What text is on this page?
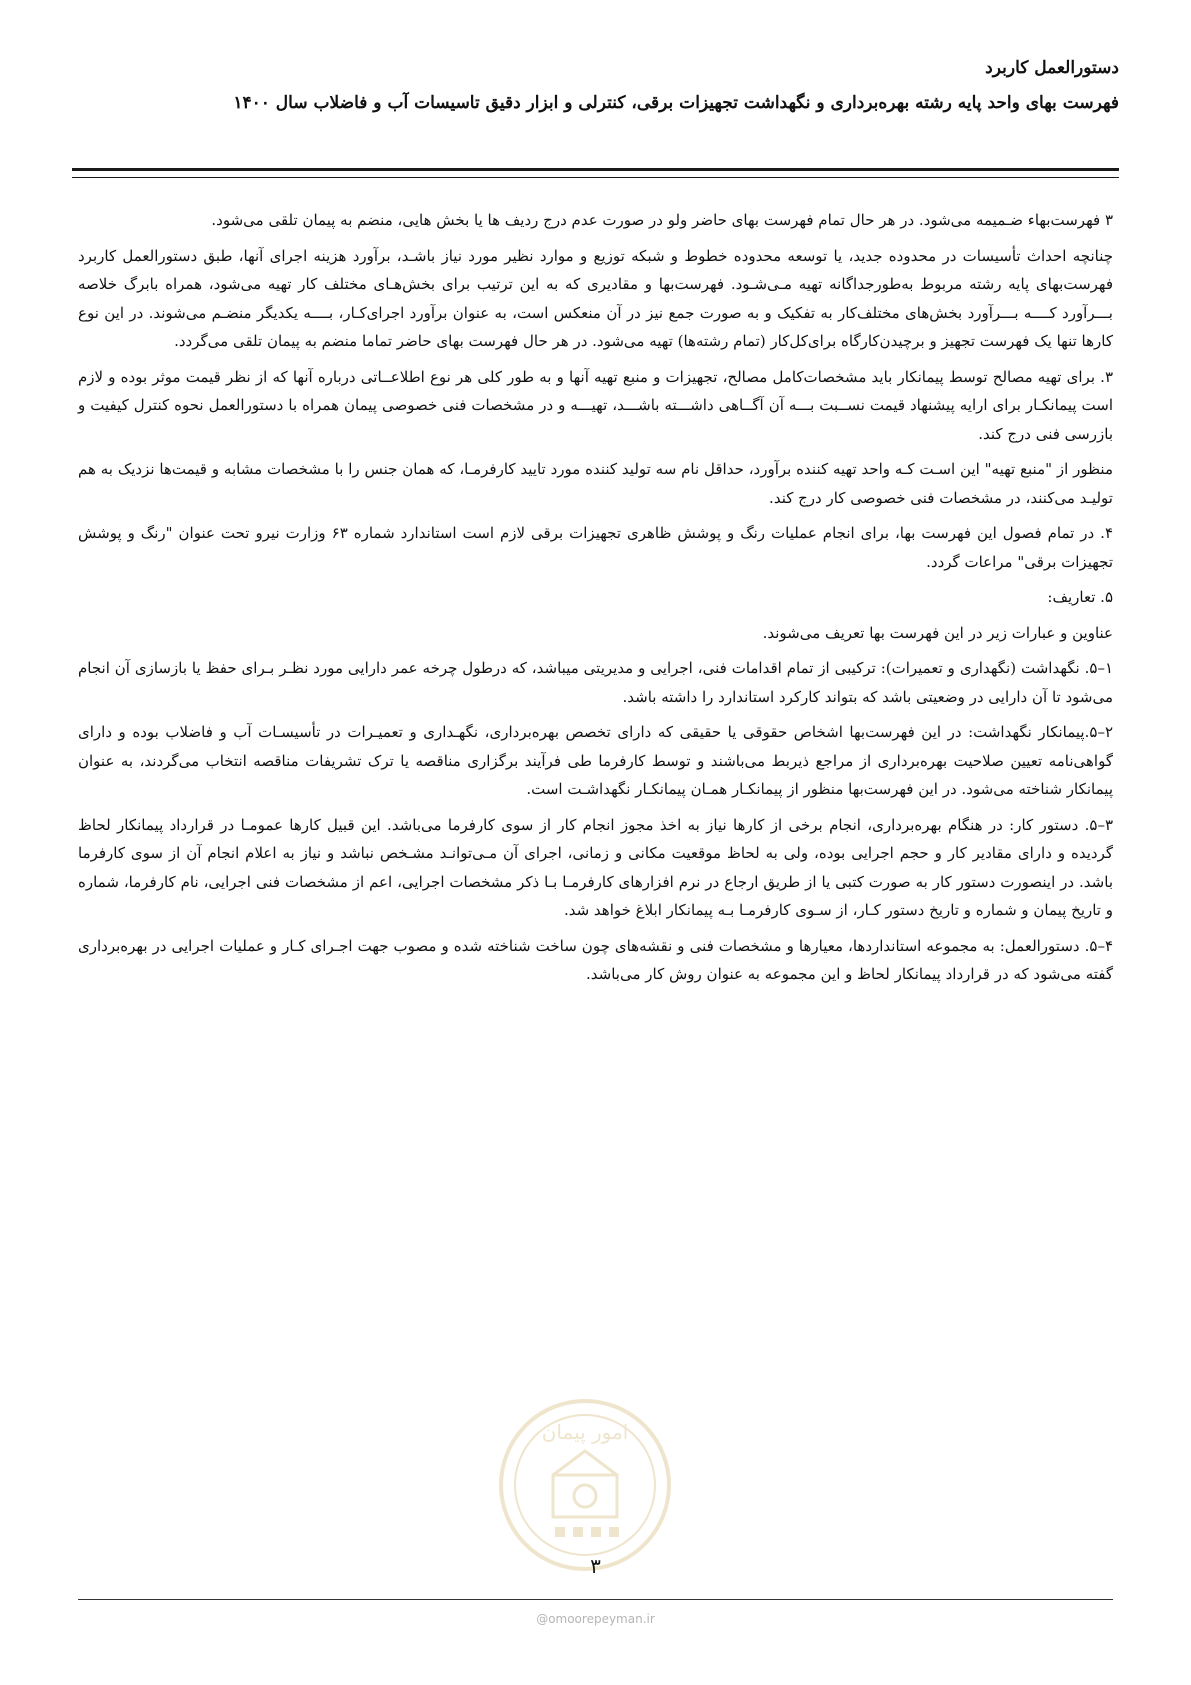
دستورالعمل کاربرد
فهرست بهای واحد پایه رشته بهره‌برداری و نگهداشت تجهیزات برقی، کنترلی و ابزار دقیق تاسیسات آب و فاضلاب سال ۱۴۰۰

۳ فهرست‌بهاء ضـمیمه می‌شود. در هر حال تمام فهرست بهای حاضر ولو در صورت عدم درج ردیف ها یا بخش هایی، منضم به پیمان تلقی می‌شود.

چنانچه احداث تأسیسات در محدوده جدید، یا توسعه محدوده خطوط و شبکه توزیع و موارد نظیر مورد نیاز باشـد، برآورد هزینه اجرای آنها، طبق دستورالعمل کاربرد فهرست‌بهای پایه رشته مربوط به‌طورجداگانه تهیه مـی‌شـود. فهرست‌بها و مقادیری که به این ترتیب برای بخش‌هـای مختلف کار تهیه می‌شود، همراه بابرگ خلاصه بـــرآورد کــــه بـــرآورد بخش‌های مختلف‌کار به تفکیک و به صورت جمع نیز در آن منعکس است، به عنوان برآورد اجرای‌کـار، بــــه یکدیگر منضـم می‌شوند. در این نوع کارها تنها یک فهرست تجهیز و برچیدن‌کارگاه برای‌کل‌کار (تمام رشته‌ها) تهیه می‌شود. در هر حال فهرست بهای حاضر تماما منضم به پیمان تلقی می‌گردد.

۳. برای تهیه مصالح توسط پیمانکار باید مشخصات‌کامل مصالح، تجهیزات و منبع تهیه آنها و به طور کلی هر نوع اطلاعــاتی درباره آنها که از نظر قیمت موثر بوده و لازم است پیمانکـار برای ارایه پیشنهاد قیمت نســبت بـــه آن آگــاهی داشـــته باشـــد، تهیـــه و در مشخصات فنی خصوصی پیمان همراه با دستورالعمل نحوه کنترل کیفیت و بازرسی فنی درج کند.

منظور از "منبع تهیه" این اسـت کـه واحد تهیه کننده برآورد، حداقل نام سه تولید کننده مورد تایید کارفرمـا، که همان جنس را با مشخصات مشابه و قیمت‌ها نزدیک به هم تولیـد می‌کنند، در مشخصات فنی خصوصی کار درج کند.

۴. در تمام فصول این فهرست بها، برای انجام عملیات رنگ و پوشش ظاهری تجهیزات برقی لازم است استاندارد شماره ۶۳ وزارت نیرو تحت عنوان "رنگ و پوشش تجهیزات برقی" مراعات گردد.

۵. تعاریف:

عناوین و عبارات زیر در این فهرست بها تعریف می‌شوند.

۱–۵. نگهداشت (نگهداری و تعمیرات): ترکیبی از تمام اقدامات فنی، اجرایی و مدیریتی میباشد، که درطول چرخه عمر دارایی مورد نظـر بـرای حفظ یا بازسازی آن انجام می‌شود تا آن دارایی در وضعیتی باشد که بتواند کارکرد استاندارد را داشته باشد.

۲–۵.پیمانکار نگهداشت: در این فهرست‌بها اشخاص حقوقی یا حقیقی که دارای تخصص بهره‌برداری، نگهـداری و تعمیـرات در تأسیسـات آب و فاضلاب بوده و دارای گواهی‌نامه تعیین صلاحیت بهره‌برداری از مراجع ذیربط می‌باشند و توسط کارفرما طی فرآیند برگزاری مناقصه یا ترک تشریفات مناقصه انتخاب می‌گردند، به عنوان پیمانکار شناخته می‌شود. در این فهرست‌بها منظور از پیمانکـار همـان پیمانکـار نگهداشـت است.

۳–۵. دستور کار: در هنگام بهره‌برداری، انجام برخی از کارها نیاز به اخذ مجوز انجام کار از سوی کارفرما می‌باشد. این قبیل کارها عمومـا در قرارداد پیمانکار لحاظ گردیده و دارای مقادیر کار و حجم اجرایی بوده، ولی به لحاظ موقعیت مکانی و زمانی، اجرای آن مـی‌توانـد مشـخص نباشد و نیاز به اعلام انجام آن از سوی کارفرما باشد. در اینصورت دستور کار به صورت کتبی یا از طریق ارجاع در نرم افزارهای کارفرمـا بـا ذکر مشخصات اجرایی، اعم از مشخصات فنی اجرایی، نام کارفرما، شماره و تاریخ پیمان و شماره و تاریخ دستور کـار، از سـوی کارفرمـا بـه پیمانکار ابلاغ خواهد شد.

۴–۵. دستورالعمل: به مجموعه استانداردها، معیارها و مشخصات فنی و نقشه‌های چون ساخت شناخته شده و مصوب جهت اجـرای کـار و عملیات اجرایی در بهره‌برداری گفته می‌شود که در قرارداد پیمانکار لحاظ و این مجموعه به عنوان روش کار می‌باشد.

امور پیمان
۳
@omoorepeyman.ir
